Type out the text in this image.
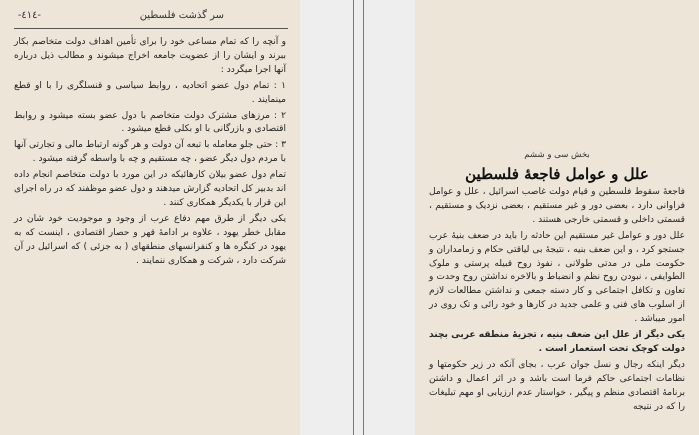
-٤١٤-	سر گذشت فلسطین

و آنچه را که تمام مساعی خود را برای تأمین اهداف دولت متخاصم بکار ببرند و ایشان را از عضویت جامعه اخراج میشوند و مطالب ذیل درباره آنها اجرا میگردد :

۱ : تمام دول عضو اتحادیه ، روابط سیاسی و قنسلگری را با او قطع مینمایند .

۲ : مرزهای مشترک دولت متخاصم با دول عضو بسته میشود و روابط اقتصادی و بازرگانی با او بکلی قطع میشود .

۳ : حتی جلو معامله با تبعه آن دولت و هر گونه ارتباط مالی و تجارتی آنها با مردم دول دیگر عضو ، چه مستقیم و چه با واسطه گرفته میشود .

تمام دول عضو بیلان کارهائیکه در این مورد با دولت متخاصم انجام داده اند بدبیر کل اتحادیه گزارش میدهند و دول عضو موظفند که در راه اجرای این قرار با یکدیگر همکاری کنند .

یکی دیگر از طرق مهم دفاع عرب از وجود و موجودیت خود شان در مقابل خطر یهود ، علاوه بر ادامهٔ قهر و حصار اقتصادی ، اینست که به یهود در کنگره ها و کنفرانسهای منطقهای ( به جزئی ) که اسرائیل در آن شرکت دارد ، شرکت و همکاری ننمایند .

بخش سی و ششم
علل و عوامل فاجعهٔ فلسطین

فاجعهٔ سقوط فلسطین و قیام دولت غاصب اسرائیل ، علل و عوامل فراوانی دارد ، بعضی دور و غیر مستقیم ، بعضی نزدیک و مستقیم ، قسمتی داخلی و قسمتی خارجی هستند .

علل دور و عوامل غیر مستقیم این حادثه را باید در ضعف بنیهٔ عرب جستجو کرد ، و این ضعف بنیه ، نتیجهٔ بی لیاقتی حکام و زمامداران و حکومت ملی در مدتی طولانی ، نفوذ روح قبیله پرستی و ملوک الطوایفی ، نبودن روح نظم و انضباط و بالاخره نداشتن روح وحدت و تعاون و تکافل اجتماعی و کار دسته جمعی و نداشتن مطالعات لازم از اسلوب های فنی و علمی جدید در کارها و خود رائی و تک روی در امور میباشد .

یکی دیگر از علل این ضعف بنیه ، تجزیهٔ منطقه عربی بچند دولت کوچک تحت استعمار است .

دیگر اینکه رجال و نسل جوان عرب ، بجای آنکه در زیر حکومتها و نظامات اجتماعی حاکم فرما است باشد و در اثر اعمال و داشتن برنامهٔ اقتصادی منظم و پیگیر ، خواستار عدم ارزیابی او مهم تبلیغات را که در نتیجه
